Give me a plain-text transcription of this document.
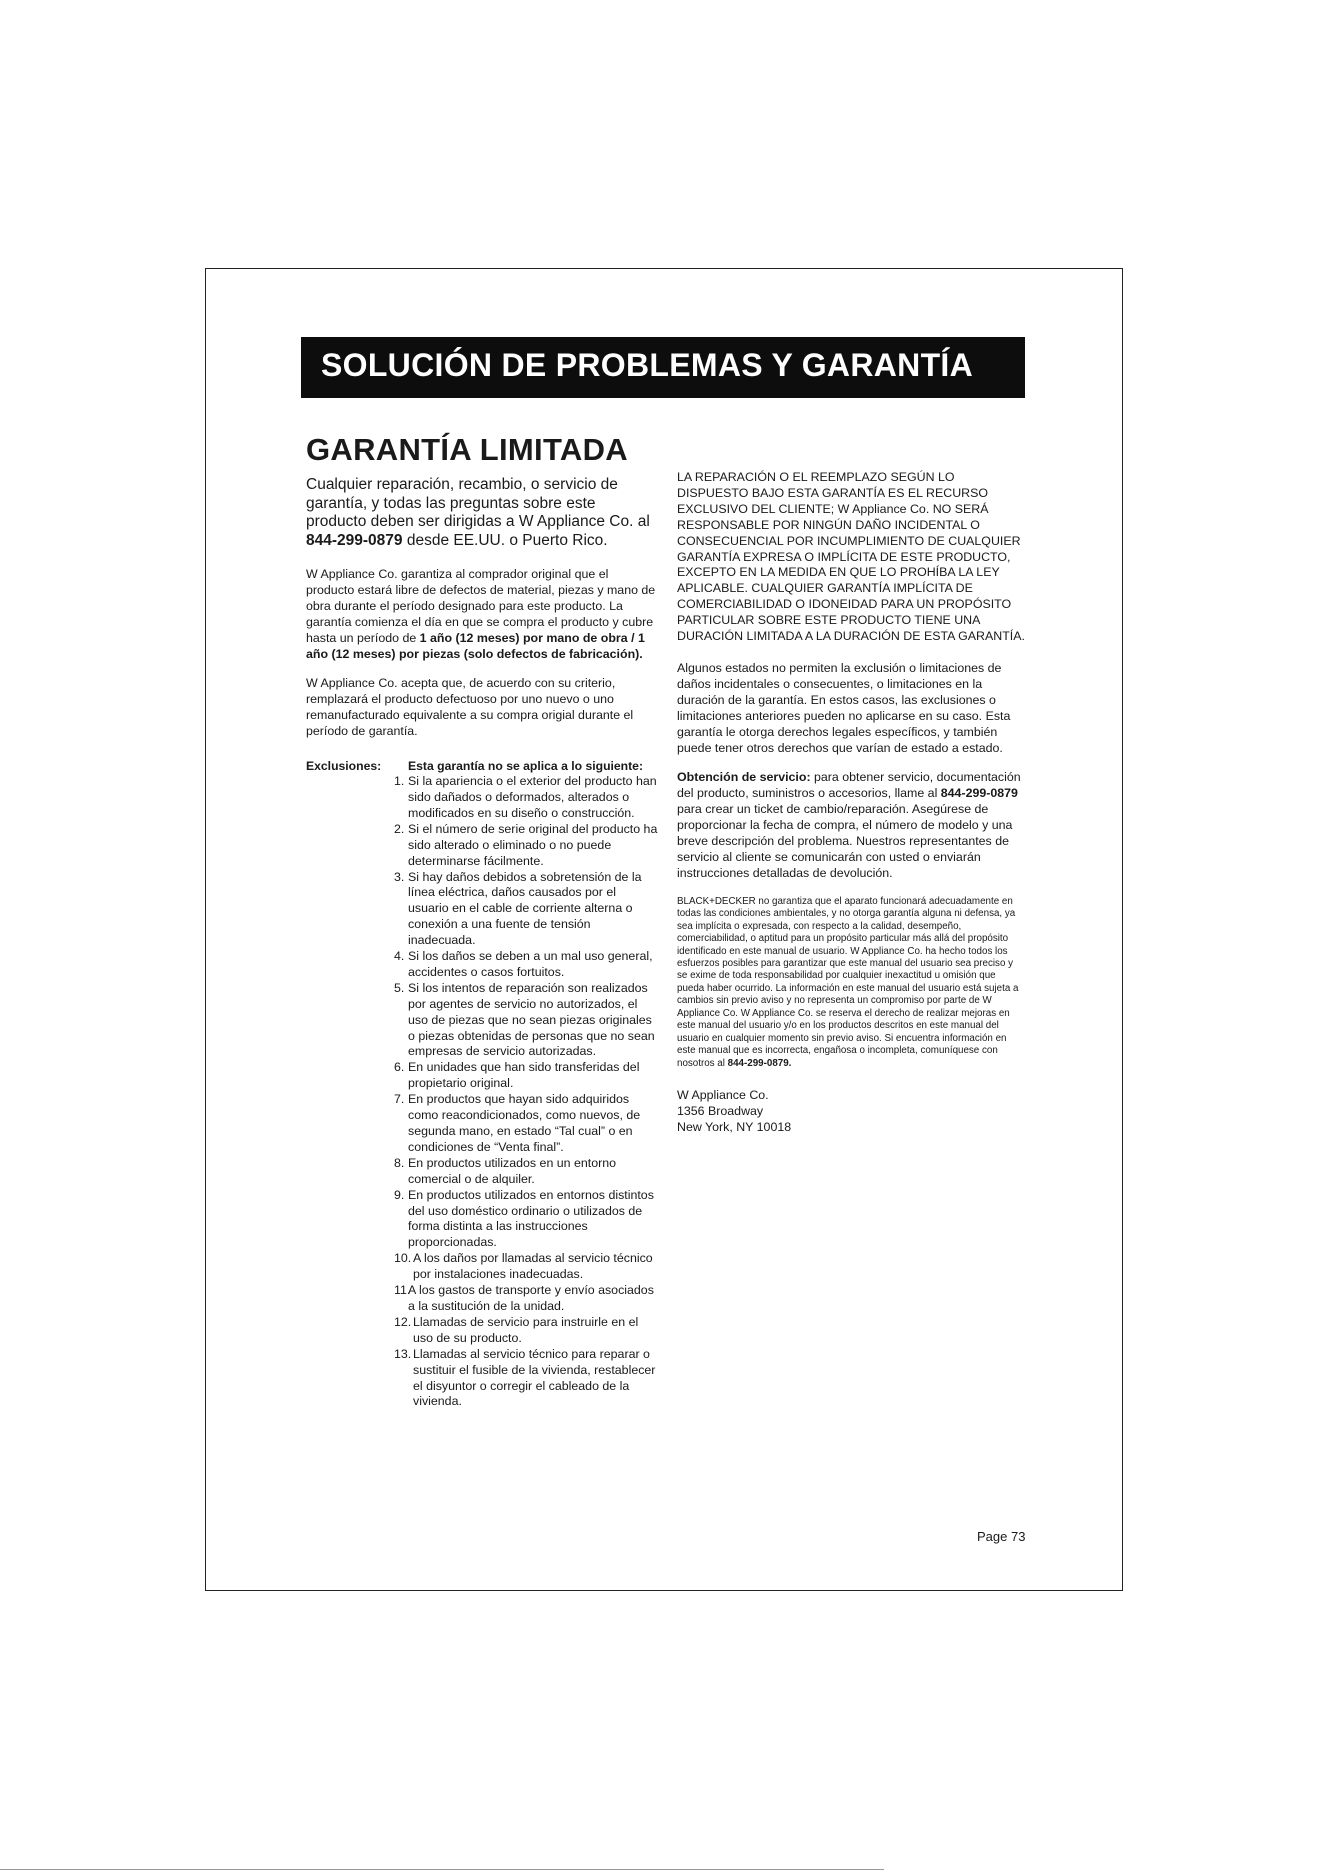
SOLUCIÓN DE PROBLEMAS Y GARANTÍA
GARANTÍA LIMITADA

Cualquier reparación, recambio, o servicio de garantía, y todas las preguntas sobre este producto deben ser dirigidas a W Appliance Co. al 844-299-0879 desde EE.UU. o Puerto Rico.

W Appliance Co. garantiza al comprador original que el producto estará libre de defectos de material, piezas y mano de obra durante el período designado para este producto. La garantía comienza el día en que se compra el producto y cubre hasta un período de 1 año (12 meses) por mano de obra / 1 año (12 meses) por piezas (solo defectos de fabricación).

W Appliance Co. acepta que, de acuerdo con su criterio, remplazará el producto defectuoso por uno nuevo o uno remanufacturado equivalente a su compra origial durante el período de garantía.

Exclusiones: Esta garantía no se aplica a lo siguiente:
1. Si la apariencia o el exterior del producto han sido dañados o deformados, alterados o modificados en su diseño o construcción.
2. Si el número de serie original del producto ha sido alterado o eliminado o no puede determinarse fácilmente.
3. Si hay daños debidos a sobretensión de la línea eléctrica, daños causados por el usuario en el cable de corriente alterna o conexión a una fuente de tensión inadecuada.
4. Si los daños se deben a un mal uso general, accidentes o casos fortuitos.
5. Si los intentos de reparación son realizados por agentes de servicio no autorizados, el uso de piezas que no sean piezas originales o piezas obtenidas de personas que no sean empresas de servicio autorizadas.
6. En unidades que han sido transferidas del propietario original.
7. En productos que hayan sido adquiridos como reacondicionados, como nuevos, de segunda mano, en estado “Tal cual” o en condiciones de “Venta final”.
8. En productos utilizados en un entorno comercial o de alquiler.
9. En productos utilizados en entornos distintos del uso doméstico ordinario o utilizados de forma distinta a las instrucciones proporcionadas.
10. A los daños por llamadas al servicio técnico por instalaciones inadecuadas.
11.
A los gastos de transporte y envío asociados a la sustitución de la unidad.
12. Llamadas de servicio para instruirle en el uso de su producto.
13. Llamadas al servicio técnico para reparar o sustituir el fusible de la vivienda, restablecer el disyuntor o corregir el cableado de la vivienda.

LA REPARACIÓN O EL REEMPLAZO SEGÚN LO DISPUESTO BAJO ESTA GARANTÍA ES EL RECURSO EXCLUSIVO DEL CLIENTE; W Appliance Co. NO SERÁ RESPONSABLE POR NINGÚN DAÑO INCIDENTAL O CONSECUENCIAL POR INCUMPLIMIENTO DE CUALQUIER GARANTÍA EXPRESA O IMPLÍCITA DE ESTE PRODUCTO, EXCEPTO EN LA MEDIDA EN QUE LO PROHÍBA LA LEY APLICABLE. CUALQUIER GARANTÍA IMPLÍCITA DE COMERCIABILIDAD O IDONEIDAD PARA UN PROPÓSITO PARTICULAR SOBRE ESTE PRODUCTO TIENE UNA DURACIÓN LIMITADA A LA DURACIÓN DE ESTA GARANTÍA.

Algunos estados no permiten la exclusión o limitaciones de daños incidentales o consecuentes, o limitaciones en la duración de la garantía. En estos casos, las exclusiones o limitaciones anteriores pueden no aplicarse en su caso. Esta garantía le otorga derechos legales específicos, y también puede tener otros derechos que varían de estado a estado.

Obtención de servicio: para obtener servicio, documentación del producto, suministros o accesorios, llame al 844-299-0879 para crear un ticket de cambio/reparación. Asegúrese de proporcionar la fecha de compra, el número de modelo y una breve descripción del problema. Nuestros representantes de servicio al cliente se comunicarán con usted o enviarán instrucciones detalladas de devolución.

BLACK+DECKER no garantiza que el aparato funcionará adecuadamente en todas las condiciones ambientales, y no otorga garantía alguna ni defensa, ya sea implícita o expresada, con respecto a la calidad, desempeño, comerciabilidad, o aptitud para un propósito particular más allá del propósito identificado en este manual de usuario. W Appliance Co. ha hecho todos los esfuerzos posibles para garantizar que este manual del usuario sea preciso y se exime de toda responsabilidad por cualquier inexactitud u omisión que pueda haber ocurrido. La información en este manual del usuario está sujeta a cambios sin previo aviso y no representa un compromiso por parte de W Appliance Co. W Appliance Co. se reserva el derecho de realizar mejoras en este manual del usuario y/o en los productos descritos en este manual del usuario en cualquier momento sin previo aviso. Si encuentra información en este manual que es incorrecta, engañosa o incompleta, comuníquese con nosotros al 844-299-0879.

W Appliance Co.
1356 Broadway
New York, NY 10018
Page 73
